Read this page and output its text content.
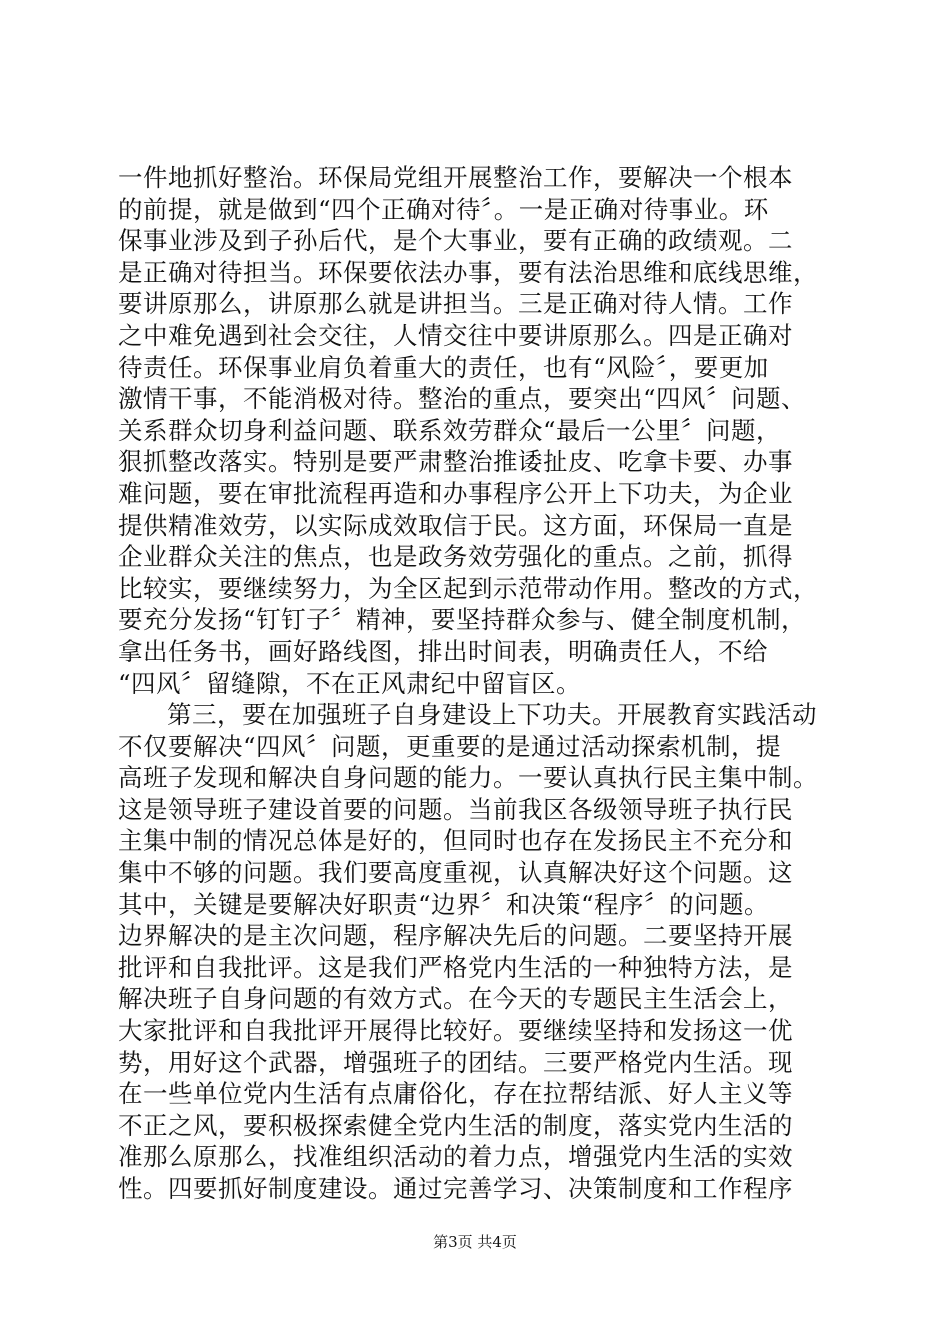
一件地抓好整治。环保局党组开展整治工作，要解决一个根本
的前提，就是做到“四个正确对待〞。一是正确对待事业。环
保事业涉及到子孙后代，是个大事业，要有正确的政绩观。二
是正确对待担当。环保要依法办事，要有法治思维和底线思维，
要讲原那么，讲原那么就是讲担当。三是正确对待人情。工作
之中难免遇到社会交往，人情交往中要讲原那么。四是正确对
待责任。环保事业肩负着重大的责任，也有“风险〞，要更加
激情干事，不能消极对待。整治的重点，要突出“四风〞问题、
关系群众切身利益问题、联系效劳群众“最后一公里〞问题，
狠抓整改落实。特别是要严肃整治推诿扯皮、吃拿卡要、办事
难问题，要在审批流程再造和办事程序公开上下功夫，为企业
提供精准效劳，以实际成效取信于民。这方面，环保局一直是
企业群众关注的焦点，也是政务效劳强化的重点。之前，抓得
比较实，要继续努力，为全区起到示范带动作用。整改的方式，
要充分发扬“钉钉子〞精神，要坚持群众参与、健全制度机制，
拿出任务书，画好路线图，排出时间表，明确责任人，不给
“四风〞留缝隙，不在正风肃纪中留盲区。
第三，要在加强班子自身建设上下功夫。开展教育实践活动
不仅要解决“四风〞问题，更重要的是通过活动探索机制，提
高班子发现和解决自身问题的能力。一要认真执行民主集中制。
这是领导班子建设首要的问题。当前我区各级领导班子执行民
主集中制的情况总体是好的，但同时也存在发扬民主不充分和
集中不够的问题。我们要高度重视，认真解决好这个问题。这
其中，关键是要解决好职责“边界〞和决策“程序〞的问题。
边界解决的是主次问题，程序解决先后的问题。二要坚持开展
批评和自我批评。这是我们严格党内生活的一种独特方法，是
解决班子自身问题的有效方式。在今天的专题民主生活会上，
大家批评和自我批评开展得比较好。要继续坚持和发扬这一优
势，用好这个武器，增强班子的团结。三要严格党内生活。现
在一些单位党内生活有点庸俗化，存在拉帮结派、好人主义等
不正之风，要积极探索健全党内生活的制度，落实党内生活的
准那么原那么，找准组织活动的着力点，增强党内生活的实效
性。四要抓好制度建设。通过完善学习、决策制度和工作程序
第3页 共4页
